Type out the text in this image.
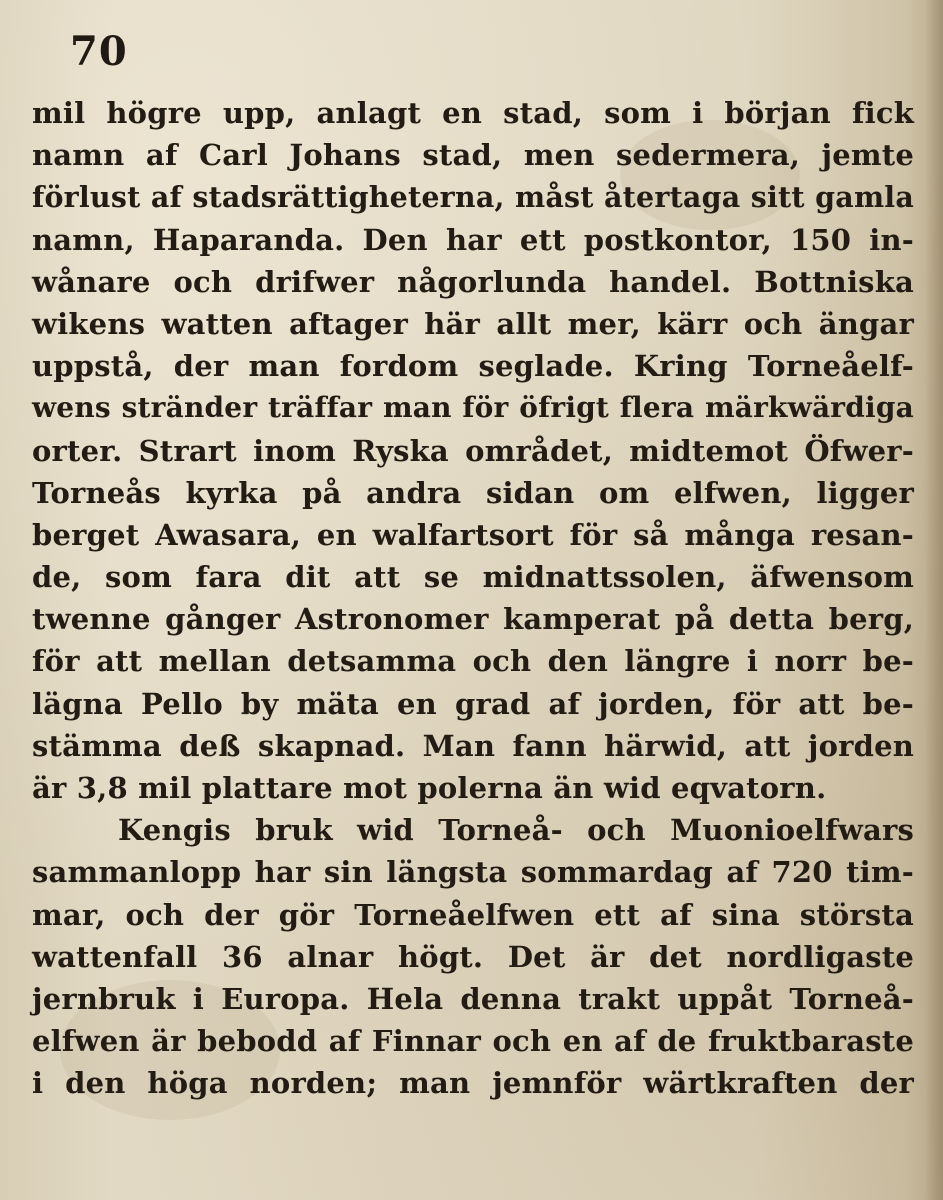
70
mil högre upp, anlagt en stad, som i början fick
namn af Carl Johans stad, men sedermera, jemte
förlust af stadsrättigheterna, måst återtaga sitt gamla
namn, Haparanda. Den har ett postkontor, 150 in-
wånare och drifwer någorlunda handel. Bottniska
wikens watten aftager här allt mer, kärr och ängar
uppstå, der man fordom seglade. Kring Torneåelf-
wens stränder träffar man för öfrigt flera märkwärdiga
orter. Strart inom Ryska området, midtemot Öfwer-
Torneås kyrka på andra sidan om elfwen, ligger
berget Awasara, en walfartsort för så många resan-
de, som fara dit att se midnattssolen, äfwensom
twenne gånger Astronomer kamperat på detta berg,
för att mellan detsamma och den längre i norr be-
lägna Pello by mäta en grad af jorden, för att be-
stämma deß skapnad. Man fann härwid, att jorden
är 3,8 mil plattare mot polerna än wid eqvatorn.
Kengis bruk wid Torneå- och Muonioelfwars
sammanlopp har sin längsta sommardag af 720 tim-
mar, och der gör Torneåelfwen ett af sina största
wattenfall 36 alnar högt. Det är det nordligaste
jernbruk i Europa. Hela denna trakt uppåt Torneå-
elfwen är bebodd af Finnar och en af de fruktbaraste
i den höga norden; man jemnför wärtkraften der
